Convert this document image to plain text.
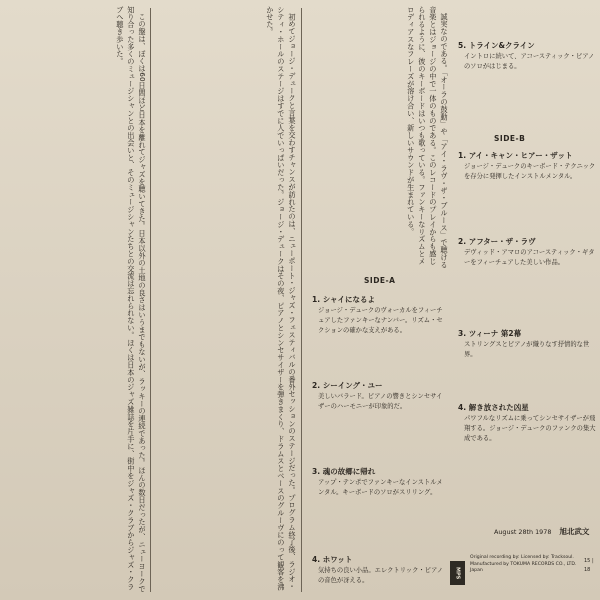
この盤は、ぼくは60日間ほど日本を離れてジャズを聴いてきた。日本以外の土地の良さはいうまでもないが、ラッキーの連続であった。ほんの数日だったが、ニューヨークで知り合った多くのミュージシャンとの出会いと、そのミュージシャンたちとの交流は忘れられない。ほくは日本のジャズ雑誌を片手に、街中をジャズ・クラブからジャズ・クラブへ聴き歩いた。	初めてジョージ・デュークと言葉を交わすチャンスが訪れたのは、ニューポート・ジャズ・フェスティバルの番外セッションのステージだった。プログラム終了後、ラジオ・シティ・ホールのステージはすでに人でいっぱいだった。ジョージ・デュークはその夜、ピアノとシンセサイザーを弾きまくり、ドラムスとベースのグルーヴにのって観客を沸かせた。	誠実なのである。「オーラの鼓動」や「アイ・ラヴ・ザ・ブルース」で聴ける音楽とはジョージの中で一体のものである。このレコードのプレイからも感じられるように、彼のキーボードはいつも歌っている。ファンキーなリズムとメロディアスなフレーズが溶け合い、新しいサウンドが生まれている。

SIDE-A
1. シャイになるよ
ジョージ・デュークのヴォーカルをフィーチュアしたファンキーなナンバー。リズム・セクションの確かな支えがある。
2. シーイング・ユー
美しいバラード。ピアノの響きとシンセサイザーのハーモニーが印象的だ。
3. 魂の故郷に帰れ
アップ・テンポでファンキーなインストルメンタル。キーボードのソロがスリリング。
4. ホワット
気持ちの良い小品。エレクトリック・ピアノの音色が冴える。
5. トライン&クライン
イントロに続いて、アコースティック・ピアノのソロがはじまる。
SIDE-B
1. アイ・キャン・ヒアー・ザット
ジョージ・デュークのキーボード・テクニックを存分に発揮したインストルメンタル。
2. アフター・ザ・ラヴ
デヴィッド・アマロのアコースティック・ギターをフィーチュアした美しい作品。
3. ツィーナ 第2幕
ストリングスとピアノが織りなす抒情的な世界。
4. 解き放された凶星
パワフルなリズムに乗ってシンセサイザーが飛翔する。ジョージ・デュークのファンクの集大成である。
August 28th 1978 旭北武文
MPS
Original recording by: Licensed by: Tracksoul. Manufactured by TOKUMA RECORDS CO., LTD. Japan
15 | 18
